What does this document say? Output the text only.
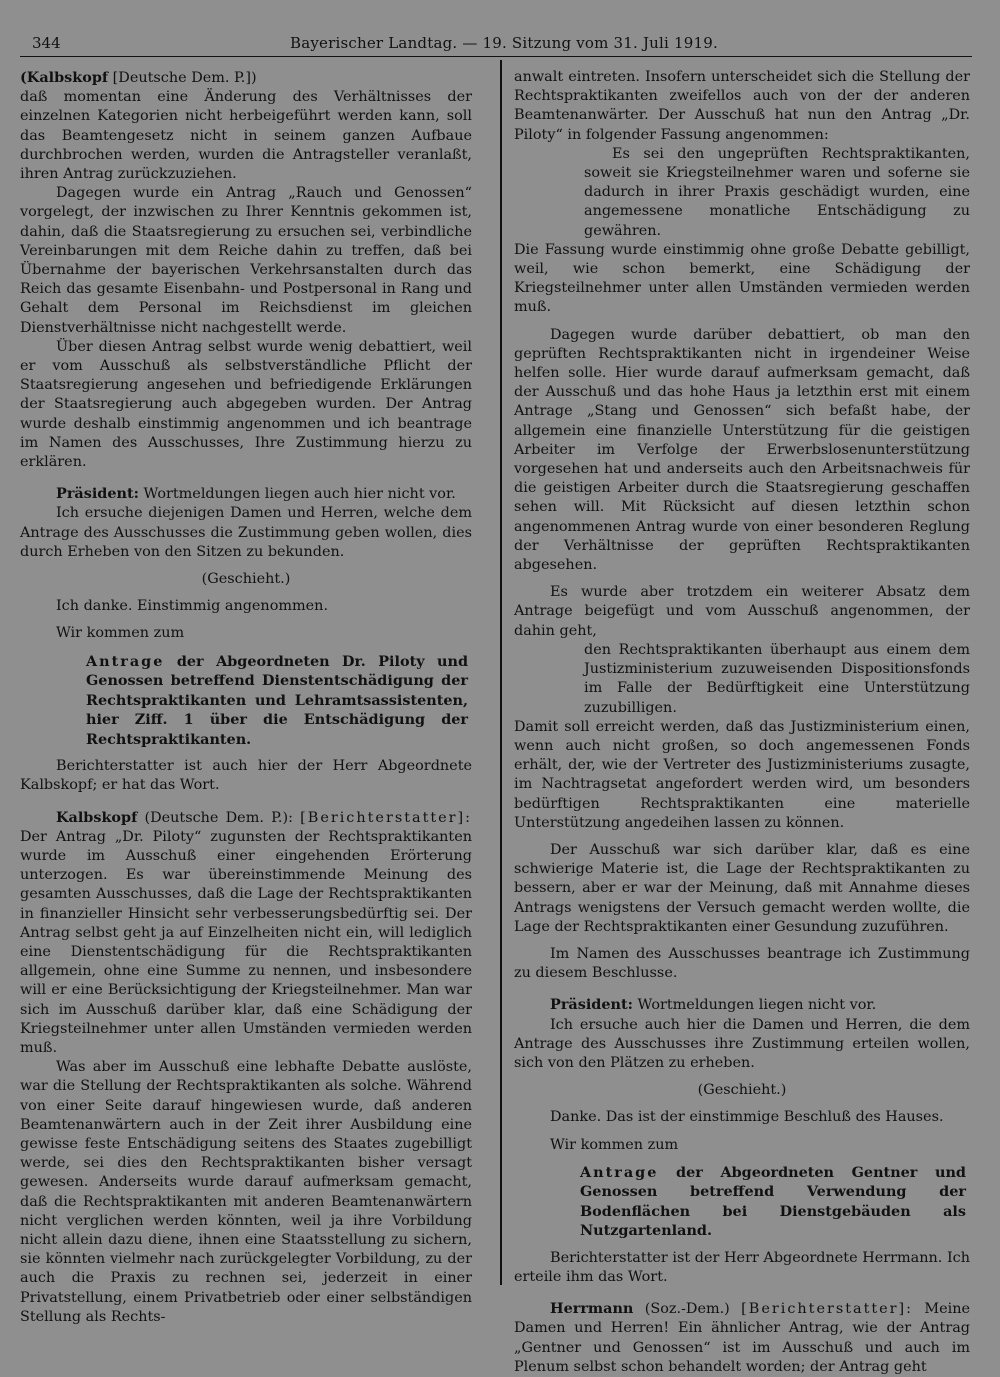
344	Bayerischer Landtag. — 19. Sitzung vom 31. Juli 1919.

(Kalbskopf [Deutsche Dem. P.])

daß momentan eine Änderung des Verhältnisses der einzelnen Kategorien nicht herbeigeführt werden kann, soll das Beamtengesetz nicht in seinem ganzen Aufbaue durchbrochen werden, wurden die Antragsteller veranlaßt, ihren Antrag zurückzuziehen.

Dagegen wurde ein Antrag „Rauch und Genossen“ vorgelegt, der inzwischen zu Ihrer Kenntnis gekommen ist, dahin, daß die Staatsregierung zu ersuchen sei, verbindliche Vereinbarungen mit dem Reiche dahin zu treffen, daß bei Übernahme der bayerischen Verkehrsanstalten durch das Reich das gesamte Eisenbahn- und Postpersonal in Rang und Gehalt dem Personal im Reichsdienst im gleichen Dienstverhältnisse nicht nachgestellt werde.

Über diesen Antrag selbst wurde wenig debattiert, weil er vom Ausschuß als selbstverständliche Pflicht der Staatsregierung angesehen und befriedigende Erklärungen der Staatsregierung auch abgegeben wurden. Der Antrag wurde deshalb einstimmig angenommen und ich beantrage im Namen des Ausschusses, Ihre Zustimmung hierzu zu erklären.

Präsident: Wortmeldungen liegen auch hier nicht vor.

Ich ersuche diejenigen Damen und Herren, welche dem Antrage des Ausschusses die Zustimmung geben wollen, dies durch Erheben von den Sitzen zu bekunden.

(Geschieht.)

Ich danke. Einstimmig angenommen.

Wir kommen zum

Antrage der Abgeordneten Dr. Piloty und Genossen betreffend Dienstentschädigung der Rechtspraktikanten und Lehramtsassistenten, hier Ziff. 1 über die Entschädigung der Rechtspraktikanten.

Berichterstatter ist auch hier der Herr Abgeordnete Kalbskopf; er hat das Wort.

Kalbskopf (Deutsche Dem. P.): [Berichterstatter]: Der Antrag „Dr. Piloty“ zugunsten der Rechtspraktikanten wurde im Ausschuß einer eingehenden Erörterung unterzogen. Es war übereinstimmende Meinung des gesamten Ausschusses, daß die Lage der Rechtspraktikanten in finanzieller Hinsicht sehr verbesserungsbedürftig sei. Der Antrag selbst geht ja auf Einzelheiten nicht ein, will lediglich eine Dienstentschädigung für die Rechtspraktikanten allgemein, ohne eine Summe zu nennen, und insbesondere will er eine Berücksichtigung der Kriegsteilnehmer. Man war sich im Ausschuß darüber klar, daß eine Schädigung der Kriegsteilnehmer unter allen Umständen vermieden werden muß.

Was aber im Ausschuß eine lebhafte Debatte auslöste, war die Stellung der Rechtspraktikanten als solche. Während von einer Seite darauf hingewiesen wurde, daß anderen Beamtenanwärtern auch in der Zeit ihrer Ausbildung eine gewisse feste Entschädigung seitens des Staates zugebilligt werde, sei dies den Rechtspraktikanten bisher versagt gewesen. Anderseits wurde darauf aufmerksam gemacht, daß die Rechtspraktikanten mit anderen Beamtenanwärtern nicht verglichen werden könnten, weil ja ihre Vorbildung nicht allein dazu diene, ihnen eine Staatsstellung zu sichern, sie könnten vielmehr nach zurückgelegter Vorbildung, zu der auch die Praxis zu rechnen sei, jederzeit in einer Privatstellung, einem Privatbetrieb oder einer selbständigen Stellung als Rechts-

anwalt eintreten. Insofern unterscheidet sich die Stellung der Rechtspraktikanten zweifellos auch von der der anderen Beamtenanwärter. Der Ausschuß hat nun den Antrag „Dr. Piloty“ in folgender Fassung angenommen:

Es sei den ungeprüften Rechtspraktikanten, soweit sie Kriegsteilnehmer waren und soferne sie dadurch in ihrer Praxis geschädigt wurden, eine angemessene monatliche Entschädigung zu gewähren.

Die Fassung wurde einstimmig ohne große Debatte gebilligt, weil, wie schon bemerkt, eine Schädigung der Kriegsteilnehmer unter allen Umständen vermieden werden muß.

Dagegen wurde darüber debattiert, ob man den geprüften Rechtspraktikanten nicht in irgendeiner Weise helfen solle. Hier wurde darauf aufmerksam gemacht, daß der Ausschuß und das hohe Haus ja letzthin erst mit einem Antrage „Stang und Genossen“ sich befaßt habe, der allgemein eine finanzielle Unterstützung für die geistigen Arbeiter im Verfolge der Erwerbslosenunterstützung vorgesehen hat und anderseits auch den Arbeitsnachweis für die geistigen Arbeiter durch die Staatsregierung geschaffen sehen will. Mit Rücksicht auf diesen letzthin schon angenommenen Antrag wurde von einer besonderen Reglung der Verhältnisse der geprüften Rechtspraktikanten abgesehen.

Es wurde aber trotzdem ein weiterer Absatz dem Antrage beigefügt und vom Ausschuß angenommen, der dahin geht,

den Rechtspraktikanten überhaupt aus einem dem Justizministerium zuzuweisenden Dispositionsfonds im Falle der Bedürftigkeit eine Unterstützung zuzubilligen.

Damit soll erreicht werden, daß das Justizministerium einen, wenn auch nicht großen, so doch angemessenen Fonds erhält, der, wie der Vertreter des Justizministeriums zusagte, im Nachtragsetat angefordert werden wird, um besonders bedürftigen Rechtspraktikanten eine materielle Unterstützung angedeihen lassen zu können.

Der Ausschuß war sich darüber klar, daß es eine schwierige Materie ist, die Lage der Rechtspraktikanten zu bessern, aber er war der Meinung, daß mit Annahme dieses Antrags wenigstens der Versuch gemacht werden wollte, die Lage der Rechtspraktikanten einer Gesundung zuzuführen.

Im Namen des Ausschusses beantrage ich Zustimmung zu diesem Beschlusse.

Präsident: Wortmeldungen liegen nicht vor.

Ich ersuche auch hier die Damen und Herren, die dem Antrage des Ausschusses ihre Zustimmung erteilen wollen, sich von den Plätzen zu erheben.

(Geschieht.)

Danke. Das ist der einstimmige Beschluß des Hauses.

Wir kommen zum

Antrage der Abgeordneten Gentner und Genossen betreffend Verwendung der Bodenflächen bei Dienstgebäuden als Nutzgartenland.

Berichterstatter ist der Herr Abgeordnete Herrmann. Ich erteile ihm das Wort.

Herrmann (Soz.-Dem.) [Berichterstatter]: Meine Damen und Herren! Ein ähnlicher Antrag, wie der Antrag „Gentner und Genossen“ ist im Ausschuß und auch im Plenum selbst schon behandelt worden; der Antrag geht
